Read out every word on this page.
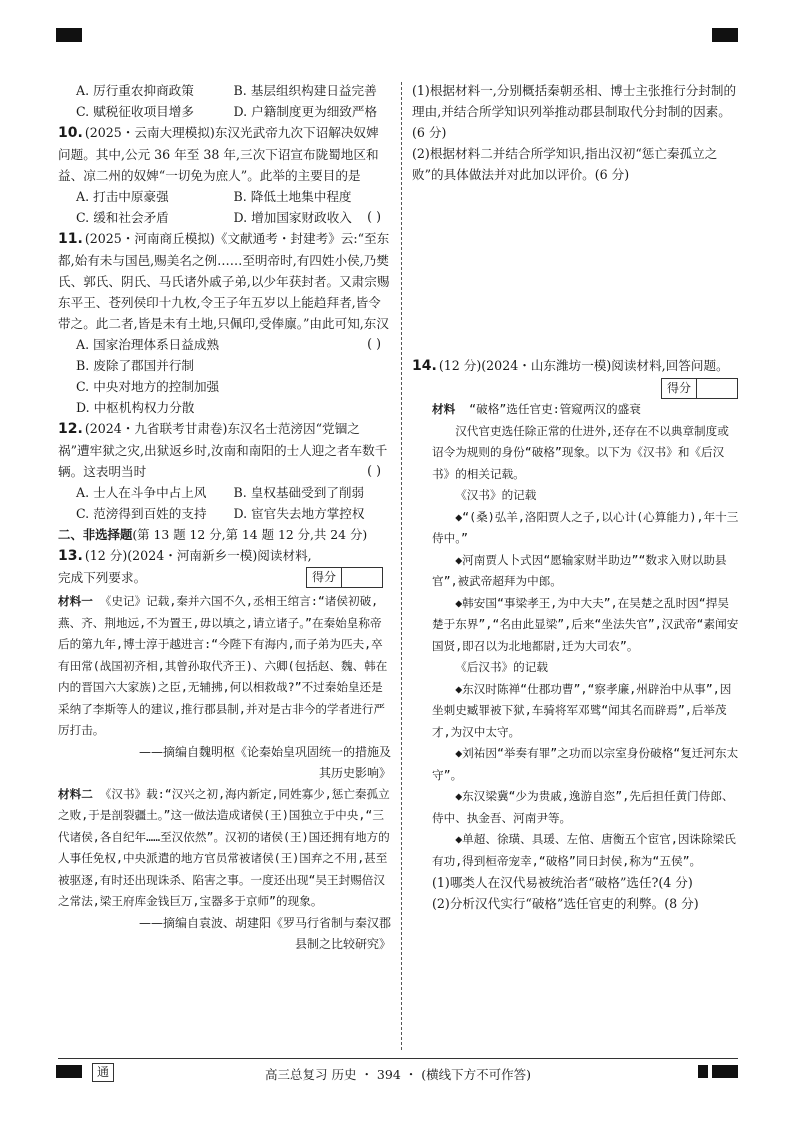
A. 厉行重农抑商政策	B. 基层组织构建日益完善
C. 赋税征收项目增多	D. 户籍制度更为细致严格
10. (2025・云南大理模拟)东汉光武帝九次下诏解决奴婢问题。其中,公元 36 年至 38 年,三次下诏宣布陇蜀地区和益、凉二州的奴婢“一切免为庶人”。此举的主要目的是
( )
A. 打击中原豪强	B. 降低土地集中程度
C. 缓和社会矛盾	D. 增加国家财政收入
11. (2025・河南商丘模拟)《文献通考・封建考》云:“至东都,始有未与国邑,赐美名之例……至明帝时,有四姓小侯,乃樊氏、郭氏、阴氏、马氏诸外戚子弟,以少年获封者。又肃宗赐东平王、苍列侯印十九枚,令王子年五岁以上能趋拜者,皆令带之。此二者,皆是未有土地,只佩印,受俸廪。”由此可知,东汉
( )
A. 国家治理体系日益成熟
B. 废除了郡国并行制
C. 中央对地方的控制加强
D. 中枢机构权力分散
12. (2024・九省联考甘肃卷)东汉名士范滂因“党锢之祸”遭牢狱之灾,出狱返乡时,汝南和南阳的士人迎之者车数千辆。这表明当时	( )
A. 士人在斗争中占上风	B. 皇权基础受到了削弱
C. 范滂得到百姓的支持	D. 宦官失去地方掌控权
二、非选择题(第 13 题 12 分,第 14 题 12 分,共 24 分)
13. (12 分)(2024・河南新乡一模)阅读材料,完成下列要求。	得分
材料一 《史记》记载,秦并六国不久,丞相王绾言:“诸侯初破,燕、齐、荆地远,不为置王,毋以填之,请立诸子。”在秦始皇称帝后的第九年,博士淳于越进言:“今陛下有海内,而子弟为匹夫,卒有田常(战国初齐相,其曾孙取代齐王)、六卿(包括赵、魏、韩在内的晋国六大家族)之臣,无辅拂,何以相救哉?”不过秦始皇还是采纳了李斯等人的建议,推行郡县制,并对是古非今的学者进行严厉打击。
——摘编自魏明枢《论秦始皇巩固统一的措施及其历史影响》
材料二 《汉书》载:“汉兴之初,海内新定,同姓寡少,惩亡秦孤立之败,于是剖裂疆土。”这一做法造成诸侯(王)国独立于中央,“三代诸侯,各自纪年……至汉依然”。汉初的诸侯(王)国还拥有地方的人事任免权,中央派遣的地方官员常被诸侯(王)国弃之不用,甚至被驱逐,有时还出现诛杀、陷害之事。一度还出现“吴王封赐倍汉之常法,梁王府库金钱巨万,宝器多于京师”的现象。
——摘编自袁波、胡建阳《罗马行省制与秦汉郡县制之比较研究》
(1)根据材料一,分别概括秦朝丞相、博士主张推行分封制的理由,并结合所学知识列举推动郡县制取代分封制的因素。(6 分)
(2)根据材料二并结合所学知识,指出汉初“惩亡秦孤立之败”的具体做法并对此加以评价。(6 分)
14. (12 分)(2024・山东潍坊一模)阅读材料,回答问题。
得分
材料 “破格”选任官吏:管窥两汉的盛衰
汉代官吏选任除正常的仕进外,还存在不以典章制度或诏令为规则的身份“破格”现象。以下为《汉书》和《后汉书》的相关记载。
《汉书》的记载
◆“(桑)弘羊,洛阳贾人之子,以心计(心算能力),年十三侍中。”
◆河南贾人卜式因“愿输家财半助边”“数求入财以助县官”,被武帝超拜为中郎。
◆韩安国“事梁孝王,为中大夫”,在吴楚之乱时因“捍吴楚于东界”,“名由此显梁”,后来“坐法失官”,汉武帝“素闻安国贤,即召以为北地都尉,迁为大司农”。
《后汉书》的记载
◆东汉时陈禅“仕郡功曹”,“察孝廉,州辟治中从事”,因坐刺史臧罪被下狱,车骑将军邓骘“闻其名而辟焉”,后举茂才,为汉中太守。
◆刘祐因“举奏有罪”之功而以宗室身份破格“复迁河东太守”。
◆东汉梁冀“少为贵戚,逸游自恣”,先后担任黄门侍郎、侍中、执金吾、河南尹等。
◆单超、徐璜、具瑗、左倌、唐衡五个宦官,因诛除梁氏有功,得到桓帝宠幸,“破格”同日封侯,称为“五侯”。
(1)哪类人在汉代易被统治者“破格”选任?(4 分)
(2)分析汉代实行“破格”选任官吏的利弊。(8 分)
通	高三总复习 历史 ・ 394 ・ (横线下方不可作答)
